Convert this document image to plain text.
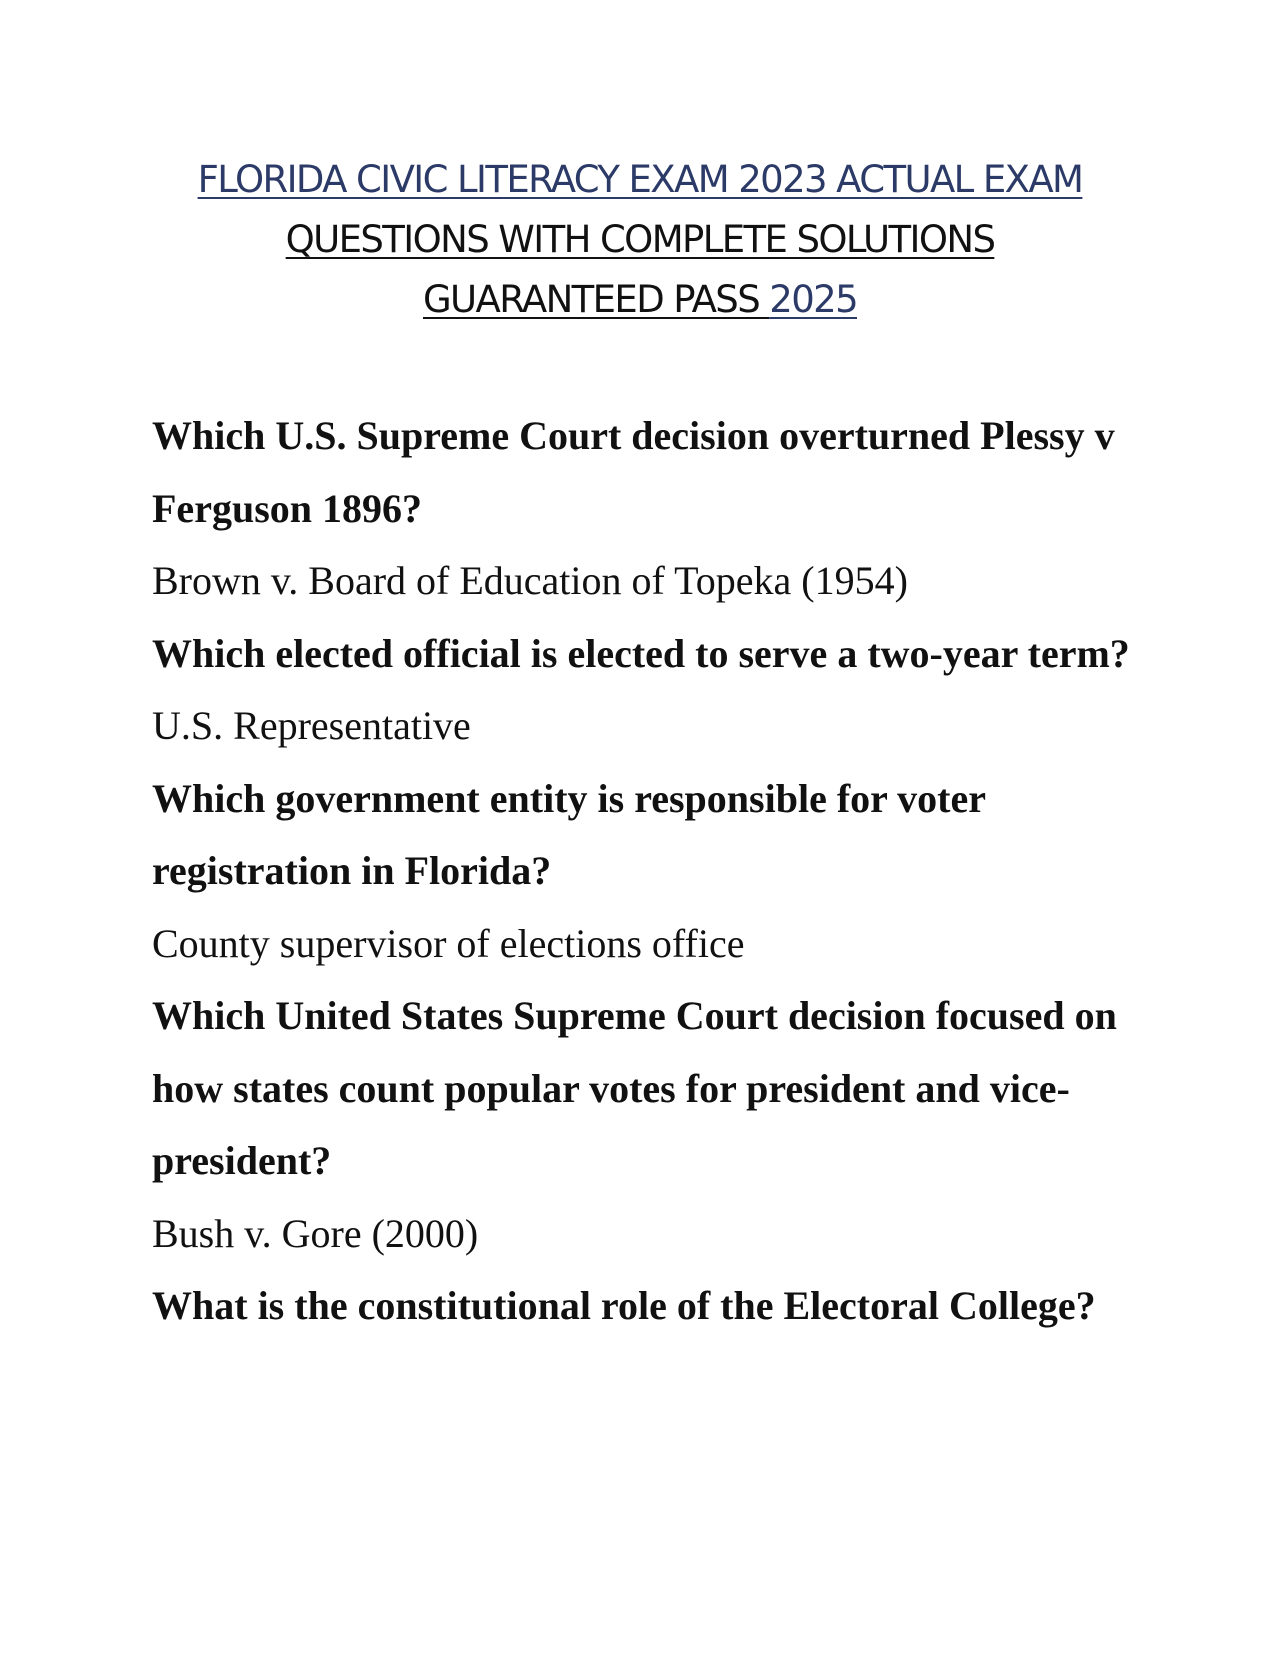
FLORIDA CIVIC LITERACY EXAM 2023 ACTUAL EXAM
QUESTIONS WITH COMPLETE SOLUTIONS
GUARANTEED PASS 2025

Which U.S. Supreme Court decision overturned Plessy v Ferguson 1896?

Brown v. Board of Education of Topeka (1954)

Which elected official is elected to serve a two-year term?

U.S. Representative

Which government entity is responsible for voter registration in Florida?

County supervisor of elections office

Which United States Supreme Court decision focused on how states count popular votes for president and vice-president?

Bush v. Gore (2000)

What is the constitutional role of the Electoral College?
